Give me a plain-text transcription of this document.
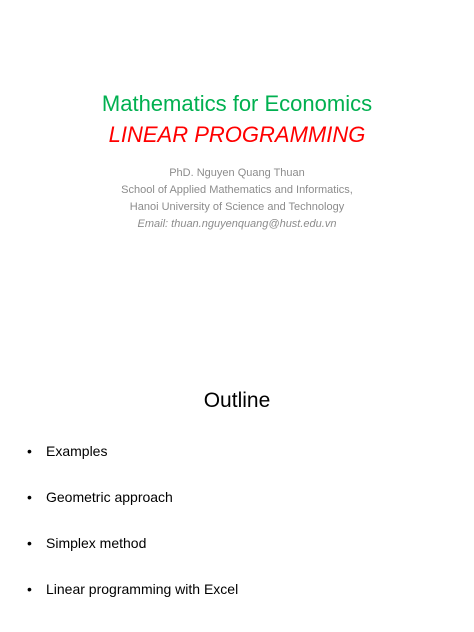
Mathematics for Economics
LINEAR PROGRAMMING
PhD. Nguyen Quang Thuan
School of Applied Mathematics and Informatics,
Hanoi University of Science and Technology
Email: thuan.nguyenquang@hust.edu.vn
Outline
•	Examples
•	Geometric approach
•	Simplex method
•	Linear programming with Excel
